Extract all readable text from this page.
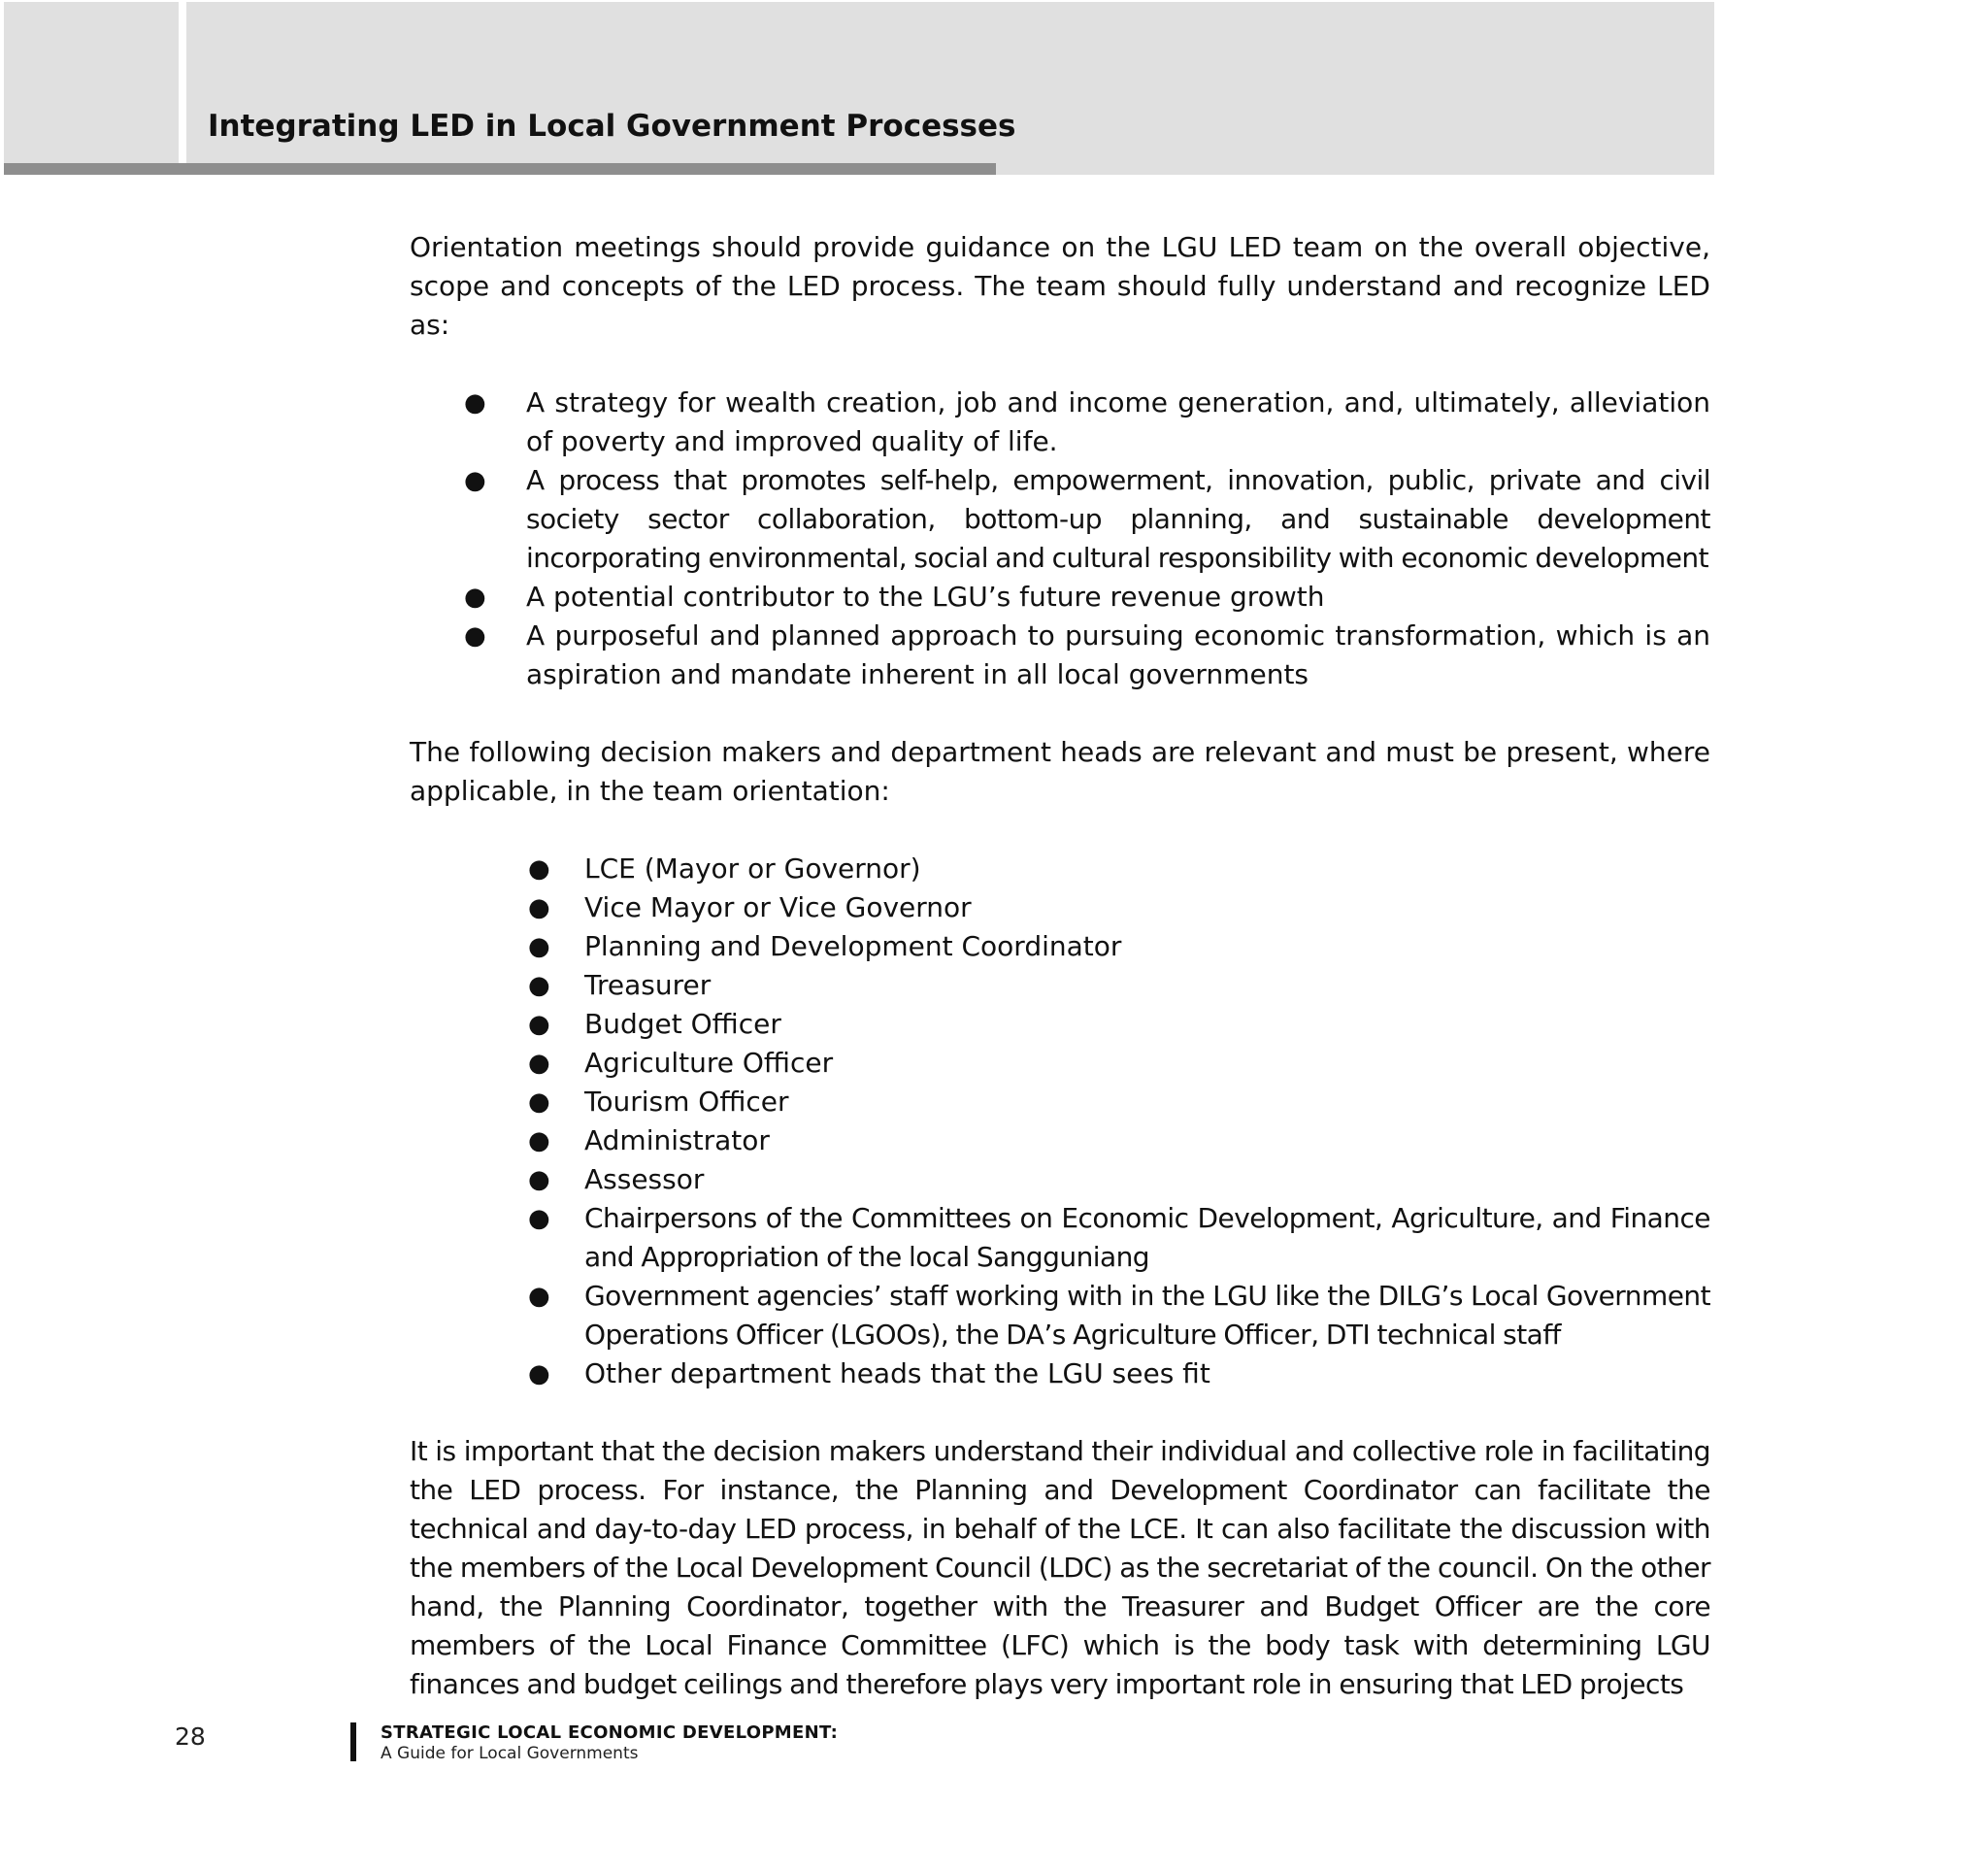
Integrating LED in Local Government Processes

Orientation meetings should provide guidance on the LGU LED team on the overall objective, scope and concepts of the LED process. The team should fully understand and recognize LED as:

● A strategy for wealth creation, job and income generation, and, ultimately, alleviation of poverty and improved quality of life.
● A process that promotes self-help, empowerment, innovation, public, private and civil society sector collaboration, bottom-up planning, and sustainable development incorporating environmental, social and cultural responsibility with economic development
● A potential contributor to the LGU’s future revenue growth
● A purposeful and planned approach to pursuing economic transformation, which is an aspiration and mandate inherent in all local governments

The following decision makers and department heads are relevant and must be present, where applicable, in the team orientation:

● LCE (Mayor or Governor)
● Vice Mayor or Vice Governor
● Planning and Development Coordinator
● Treasurer
● Budget Officer
● Agriculture Officer
● Tourism Officer
● Administrator
● Assessor
● Chairpersons of the Committees on Economic Development, Agriculture, and Finance and Appropriation of the local Sangguniang
● Government agencies’ staff working with in the LGU like the DILG’s Local Government Operations Officer (LGOOs), the DA’s Agriculture Officer, DTI technical staff
● Other department heads that the LGU sees fit

It is important that the decision makers understand their individual and collective role in facilitating the LED process. For instance, the Planning and Development Coordinator can facilitate the technical and day-to-day LED process, in behalf of the LCE. It can also facilitate the discussion with the members of the Local Development Council (LDC) as the secretariat of the council. On the other hand, the Planning Coordinator, together with the Treasurer and Budget Officer are the core members of the Local Finance Committee (LFC) which is the body task with determining LGU finances and budget ceilings and therefore plays very important role in ensuring that LED projects

28	STRATEGIC LOCAL ECONOMIC DEVELOPMENT:
A Guide for Local Governments
